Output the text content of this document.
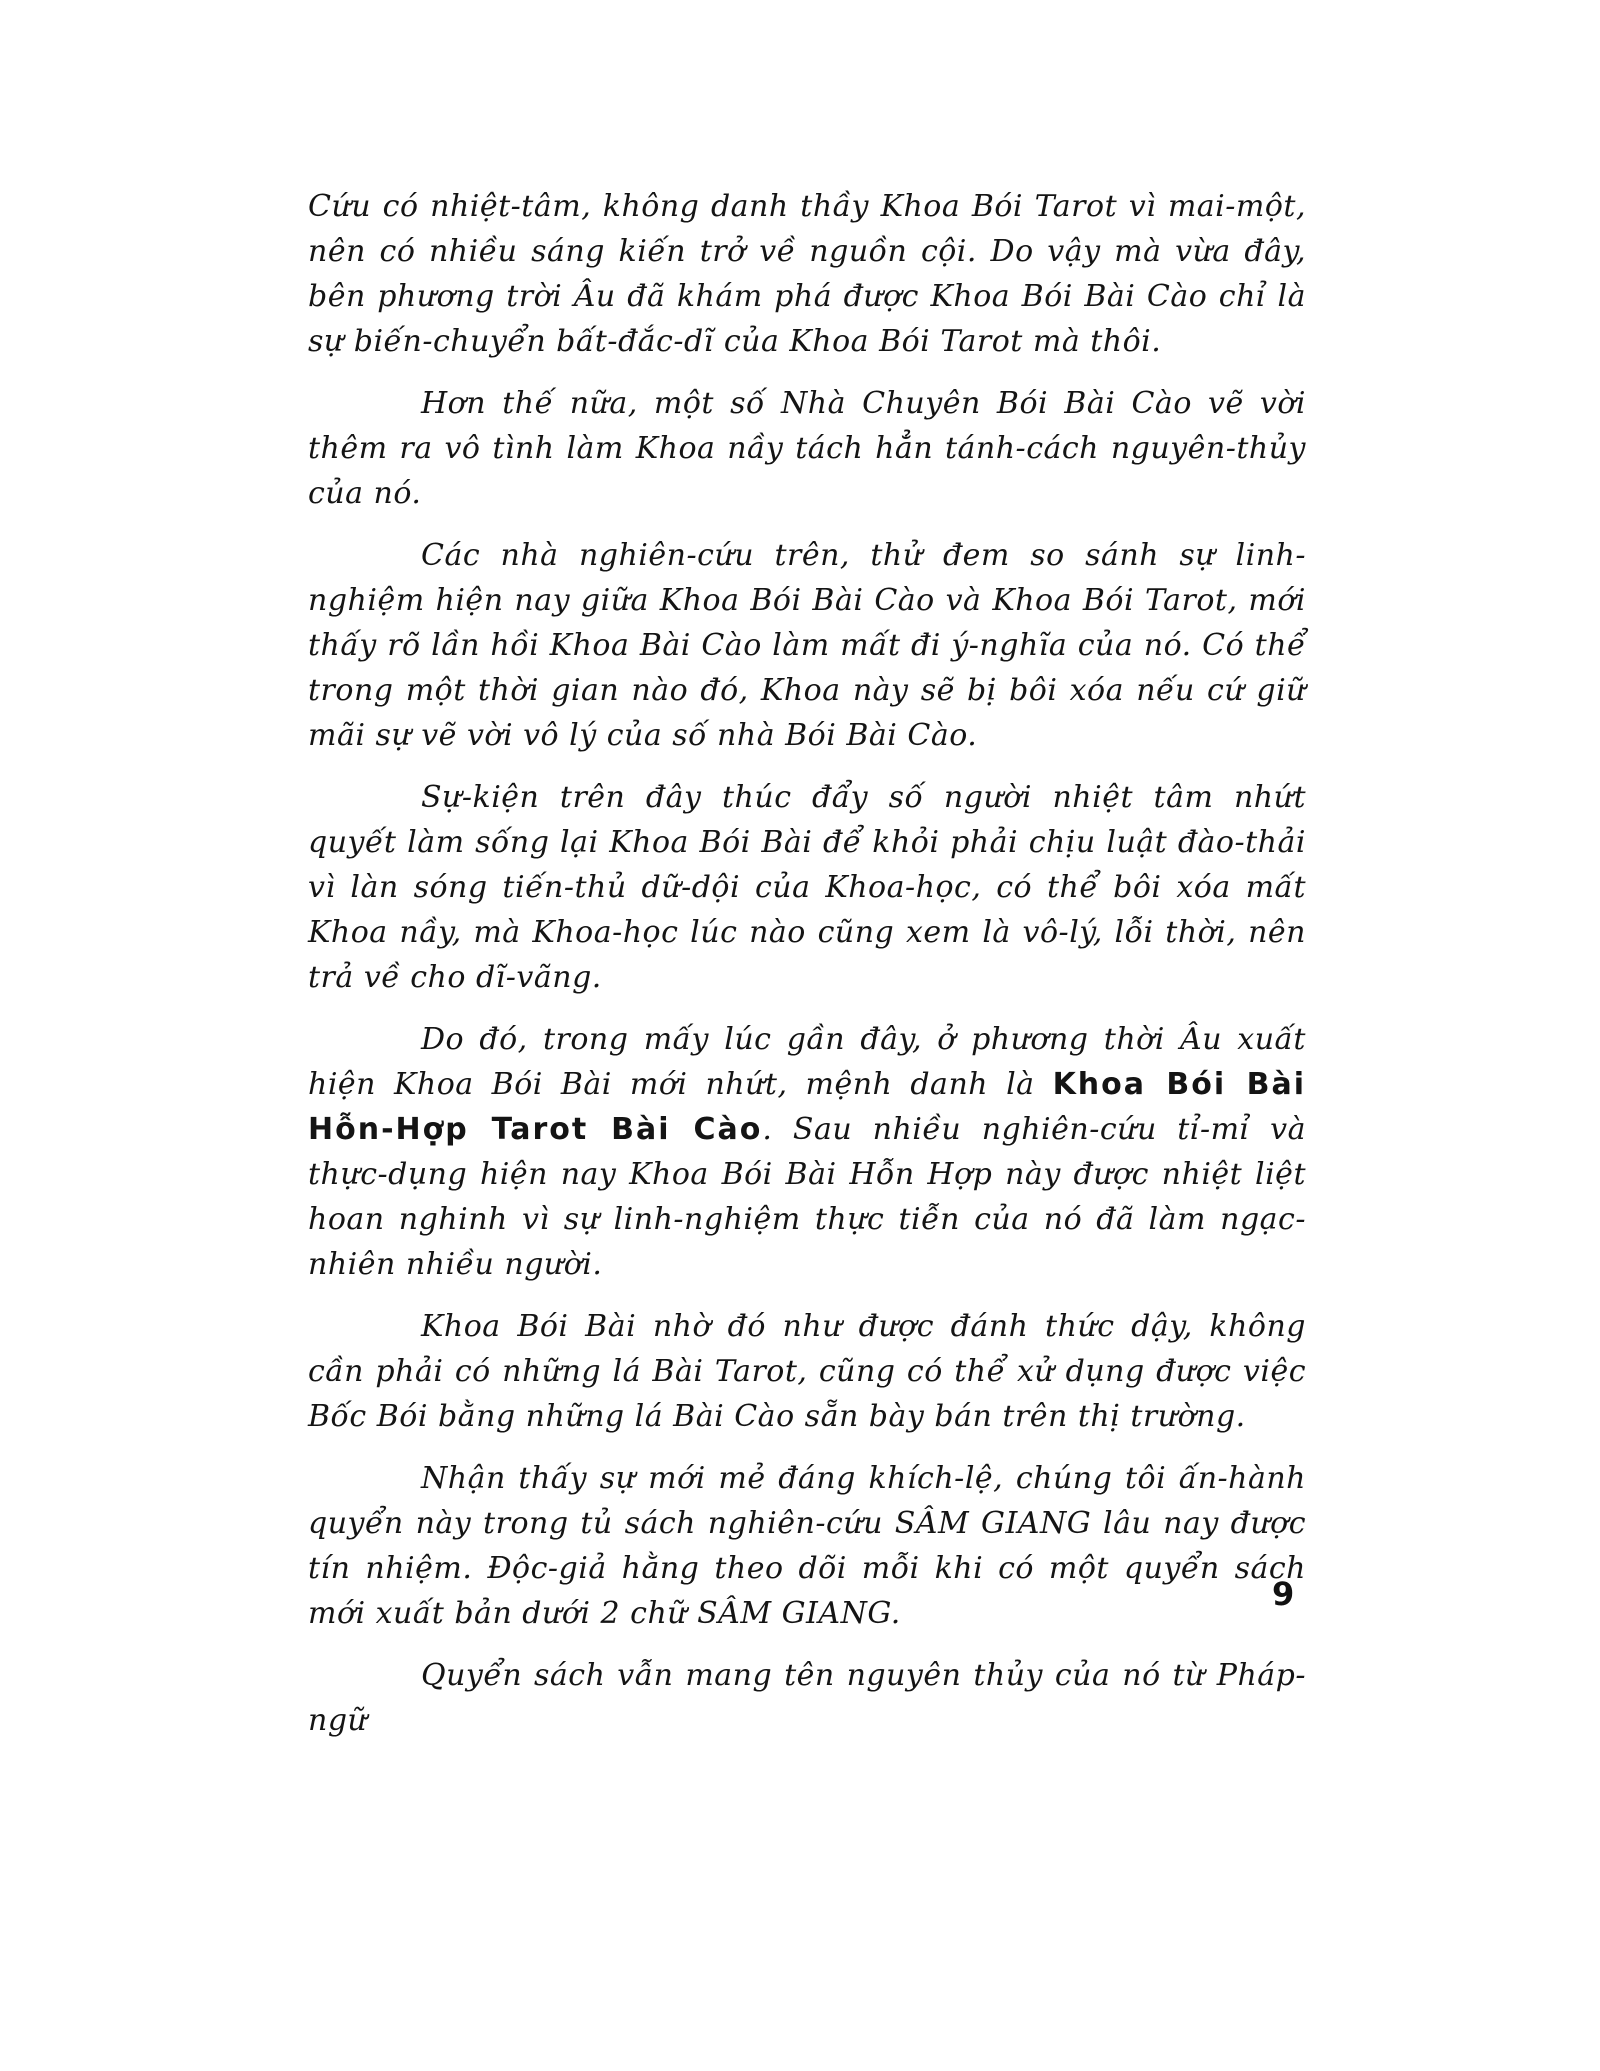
Cứu có nhiệt-tâm, không danh thầy Khoa Bói Tarot vì mai-một, nên có nhiều sáng kiến trở về nguồn cội. Do vậy mà vừa đây, bên phương trời Âu đã khám phá được Khoa Bói Bài Cào chỉ là sự biến-chuyển bất-đắc-dĩ của Khoa Bói Tarot mà thôi.

Hơn thế nữa, một số Nhà Chuyên Bói Bài Cào vẽ vời thêm ra vô tình làm Khoa nầy tách hẳn tánh-cách nguyên-thủy của nó.

Các nhà nghiên-cứu trên, thử đem so sánh sự linh-nghiệm hiện nay giữa Khoa Bói Bài Cào và Khoa Bói Tarot, mới thấy rõ lần hồi Khoa Bài Cào làm mất đi ý-nghĩa của nó. Có thể trong một thời gian nào đó, Khoa này sẽ bị bôi xóa nếu cứ giữ mãi sự vẽ vời vô lý của số nhà Bói Bài Cào.

Sự-kiện trên đây thúc đẩy số người nhiệt tâm nhứt quyết làm sống lại Khoa Bói Bài để khỏi phải chịu luật đào-thải vì làn sóng tiến-thủ dữ-dội của Khoa-học, có thể bôi xóa mất Khoa nầy, mà Khoa-học lúc nào cũng xem là vô-lý, lỗi thời, nên trả về cho dĩ-vãng.

Do đó, trong mấy lúc gần đây, ở phương thời Âu xuất hiện Khoa Bói Bài mới nhứt, mệnh danh là Khoa Bói Bài Hỗn-Hợp Tarot Bài Cào. Sau nhiều nghiên-cứu tỉ-mỉ và thực-dụng hiện nay Khoa Bói Bài Hỗn Hợp này được nhiệt liệt hoan nghinh vì sự linh-nghiệm thực tiễn của nó đã làm ngạc-nhiên nhiều người.

Khoa Bói Bài nhờ đó như được đánh thức dậy, không cần phải có những lá Bài Tarot, cũng có thể xử dụng được việc Bốc Bói bằng những lá Bài Cào sẵn bày bán trên thị trường.

Nhận thấy sự mới mẻ đáng khích-lệ, chúng tôi ấn-hành quyển này trong tủ sách nghiên-cứu SÂM GIANG lâu nay được tín nhiệm. Độc-giả hằng theo dõi mỗi khi có một quyển sách mới xuất bản dưới 2 chữ SÂM GIANG.

Quyển sách vẫn mang tên nguyên thủy của nó từ Pháp-ngữ

9
